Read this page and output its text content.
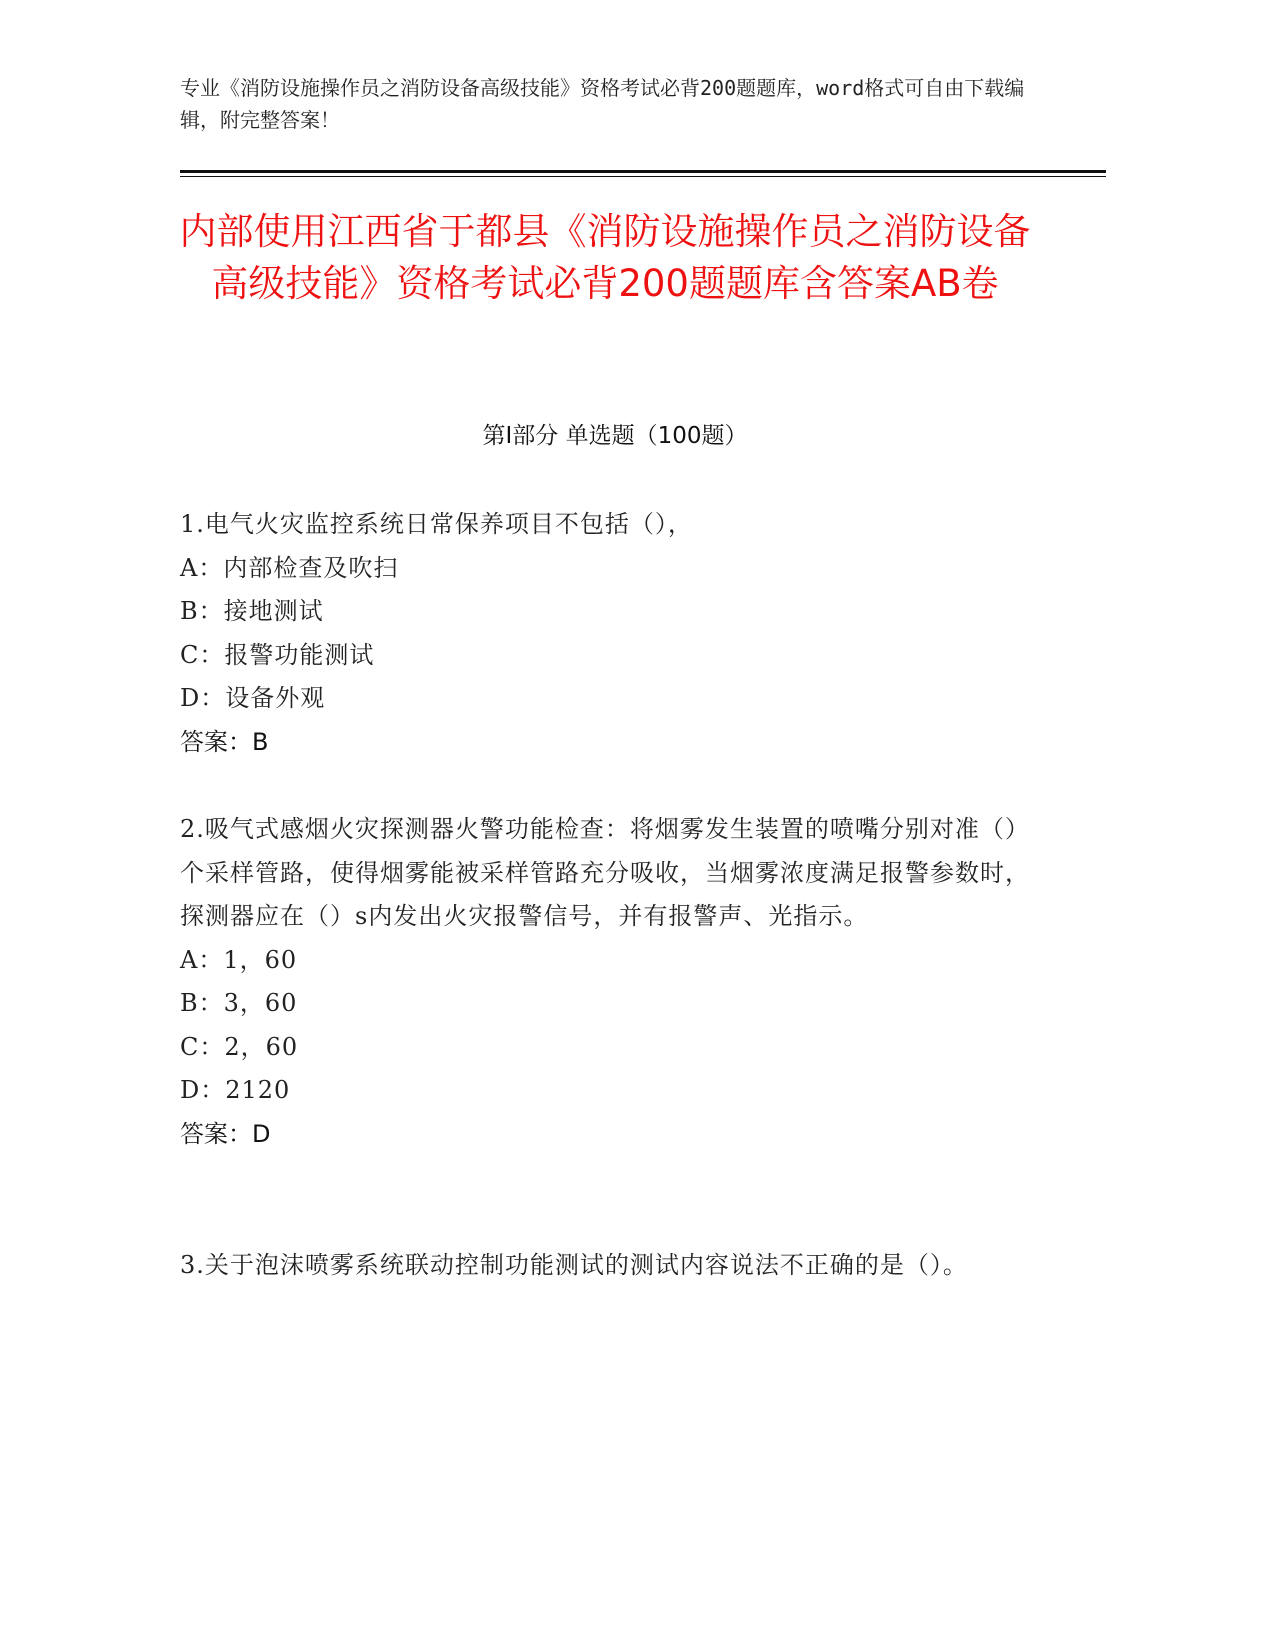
专业《消防设施操作员之消防设备高级技能》资格考试必背200题题库，word格式可自由下载编辑，附完整答案！

内部使用江西省于都县《消防设施操作员之消防设备高级技能》资格考试必背200题题库含答案AB卷
第Ⅰ部分 单选题（100题）

1.电气火灾监控系统日常保养项目不包括（），

A：内部检查及吹扫

B：接地测试

C：报警功能测试

D：设备外观

答案：B

2.吸气式感烟火灾探测器火警功能检查：将烟雾发生装置的喷嘴分别对准（）个采样管路，使得烟雾能被采样管路充分吸收，当烟雾浓度满足报警参数时，探测器应在（）s内发出火灾报警信号，并有报警声、光指示。

A：1，60

B：3，60

C：2，60

D：2120

答案：D

3.关于泡沫喷雾系统联动控制功能测试的测试内容说法不正确的是（）。
